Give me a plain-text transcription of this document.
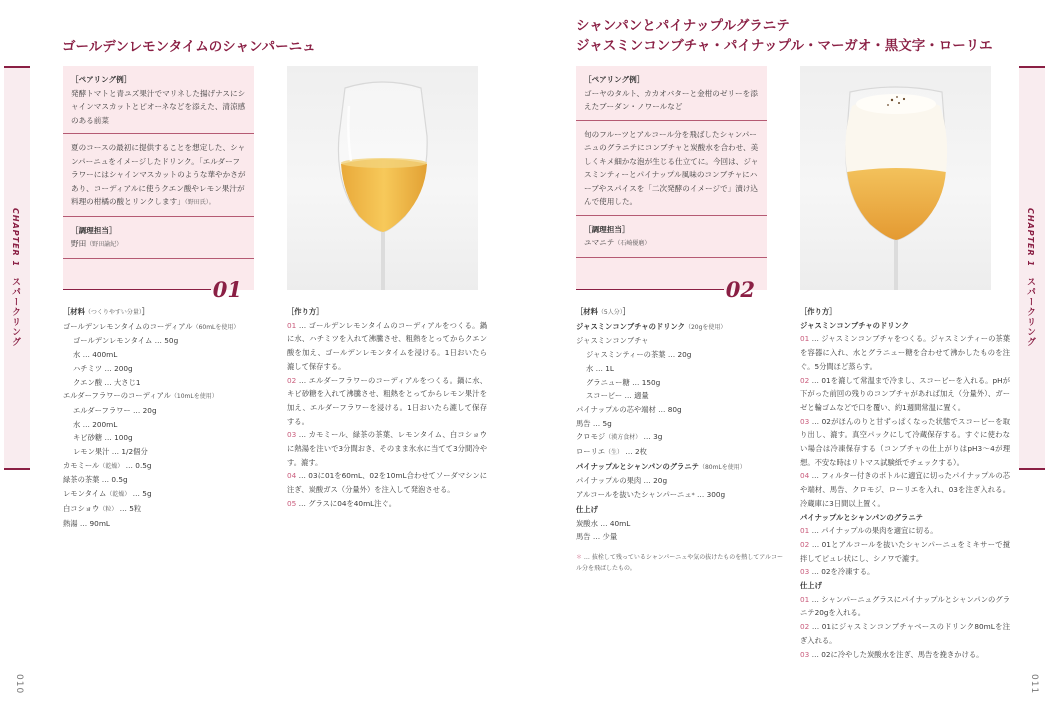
CHAPTER 1 スパークリング
ゴールデンレモンタイムのシャンパーニュ
［ペアリング例］
発酵トマトと青ユズ果汁でマリネした揚げナスにシャインマスカットとピオーネなどを添えた、清涼感のある前菜
夏のコースの最初に提供することを想定した、シャンパーニュをイメージしたドリンク。「エルダーフラワーにはシャインマスカットのような華やかさがあり、コーディアルに使うクエン酸やレモン果汁が料理の柑橘の酸とリンクします」（野田氏）。
［調理担当］
野田（野田諭紀）
01
［材料（つくりやすい分量）］
ゴールデンレモンタイムのコーディアル（60mLを使用）
ゴールデンレモンタイム … 50g
水 … 400mL
ハチミツ … 200g
クエン酸 … 大さじ1
エルダーフラワーのコーディアル（10mLを使用）
エルダーフラワー … 20g
水 … 200mL
キビ砂糖 … 100g
レモン果汁 … 1/2個分
カモミール（乾燥） … 0.5g
緑茶の茶葉 … 0.5g
レモンタイム（乾燥） … 5g
白コショウ（粒） … 5粒
熱湯 … 90mL
［作り方］
01 … ゴールデンレモンタイムのコーディアルをつくる。鍋に水、ハチミツを入れて沸騰させ、粗熱をとってからクエン酸を加え、ゴールデンレモンタイムを浸ける。1日おいたら漉して保存する。
02 … エルダーフラワーのコーディアルをつくる。鍋に水、キビ砂糖を入れて沸騰させ、粗熱をとってからレモン果汁を加え、エルダーフラワーを浸ける。1日おいたら漉して保存する。
03 … カモミール、緑茶の茶葉、レモンタイム、白コショウに熱湯を注いで3分間おき、そのまま氷水に当てて3分間冷やす。漉す。
04 … 03に01を60mL、02を10mL合わせてソーダマシンに注ぎ、炭酸ガス（分量外）を注入して発泡させる。
05 … グラスに04を40mL注ぐ。
010
CHAPTER 1 スパークリング
シャンパンとパイナップルグラニテ
ジャスミンコンブチャ・パイナップル・マーガオ・黒文字・ローリエ
［ペアリング例］
ゴーヤのタルト、カカオバターと金柑のゼリーを添えたブーダン・ノワールなど
旬のフルーツとアルコール分を飛ばしたシャンパーニュのグラニテにコンブチャと炭酸水を合わせ、美しくキメ細かな泡が生じる仕立てに。今回は、ジャスミンティーとパイナップル風味のコンブチャにハーブやスパイスを「二次発酵のイメージで」漬け込んで使用した。
［調理担当］
ユマニテ（石崎優磨）
02
［材料（5人分）］
ジャスミンコンブチャのドリンク（20gを使用）
ジャスミンコンブチャ
ジャスミンティーの茶葉 … 20g
水 … 1L
グラニュー糖 … 150g
スコービー … 適量
パイナップルの芯や端材 … 80g
馬告 … 5g
クロモジ（漢方食材） … 3g
ローリエ（生） … 2枚
パイナップルとシャンパンのグラニテ（80mLを使用）
パイナップルの果肉 … 20g
アルコールを抜いたシャンパーニュ* … 300g
仕上げ
炭酸水 … 40mL
馬告 … 少量
＊ … 抜栓して残っているシャンパーニュや気の抜けたものを熱してアルコール分を飛ばしたもの。
［作り方］
ジャスミンコンブチャのドリンク
01 … ジャスミンコンブチャをつくる。ジャスミンティーの茶葉を容器に入れ、水とグラニュー糖を合わせて沸かしたものを注ぐ。5分間ほど蒸らす。
02 … 01を漉して常温まで冷まし、スコービーを入れる。pHが下がった前回の残りのコンブチャがあれば加え（分量外）、ガーゼと輪ゴムなどで口を覆い、約1週間常温に置く。
03 … 02がほんのりと甘ずっぱくなった状態でスコービーを取り出し、漉す。真空パックにして冷蔵保存する。すぐに使わない場合は冷凍保存する（コンブチャの仕上がりはpH3〜4が理想。不安な時はリトマス試験紙でチェックする）。
04 … フィルター付きのボトルに適宜に切ったパイナップルの芯や端材、馬告、クロモジ、ローリエを入れ、03を注ぎ入れる。冷蔵庫に3日間以上置く。
パイナップルとシャンパンのグラニテ
01 … パイナップルの果肉を適宜に切る。
02 … 01とアルコールを抜いたシャンパーニュをミキサーで撹拌してピュレ状にし、シノワで漉す。
03 … 02を冷凍する。
仕上げ
01 … シャンパーニュグラスにパイナップルとシャンパンのグラニテ20gを入れる。
02 … 01にジャスミンコンブチャベースのドリンク80mLを注ぎ入れる。
03 … 02に冷やした炭酸水を注ぎ、馬告を挽きかける。
011
